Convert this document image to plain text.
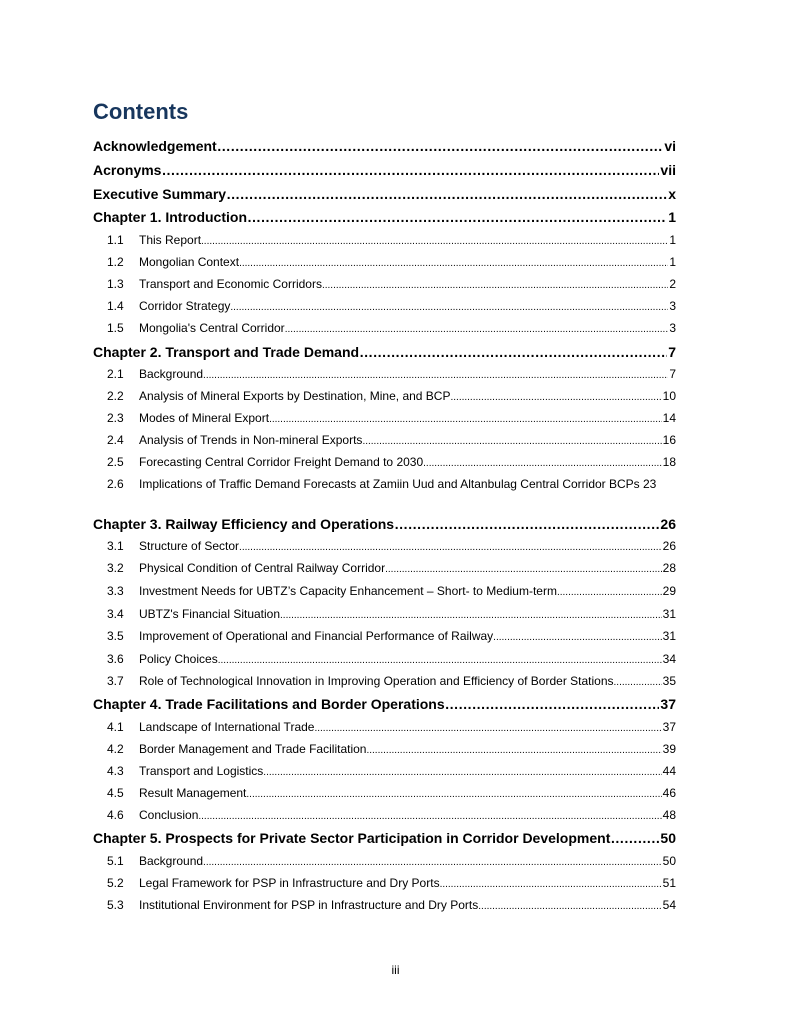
Contents
Acknowledgement ………………………………………………………………………………………………………………………………………………………………………………………………	vi
Acronyms ………………………………………………………………………………………………………………………………………………………………………………………………	vii
Executive Summary ………………………………………………………………………………………………………………………………………………………………………………………………	x
Chapter 1. Introduction ………………………………………………………………………………………………………………………………………………………………………………………………	1
1.1	This Report .....	1
1.2	Mongolian Context .....	1
1.3	Transport and Economic Corridors .....	2
1.4	Corridor Strategy .....	3
1.5	Mongolia's Central Corridor .....	3
Chapter 2. Transport and Trade Demand ………………………………………………………………………………………………………………………………………………………………………………………………	7
2.1	Background .....	7
2.2	Analysis of Mineral Exports by Destination, Mine, and BCP .....	10
2.3	Modes of Mineral Export .....	14
2.4	Analysis of Trends in Non-mineral Exports .....	16
2.5	Forecasting Central Corridor Freight Demand to 2030 .....	18
2.6	Implications of Traffic Demand Forecasts at Zamiin Uud and Altanbulag Central Corridor BCPs 23
Chapter 3. Railway Efficiency and Operations ………………………………………………………………………………………………………………………………………………………………………………………………	26
3.1	Structure of Sector .....	26
3.2	Physical Condition of Central Railway Corridor .....	28
3.3	Investment Needs for UBTZ’s Capacity Enhancement – Short- to Medium-term .....	29
3.4	UBTZ's Financial Situation .....	31
3.5	Improvement of Operational and Financial Performance of Railway .....	31
3.6	Policy Choices .....	34
3.7	Role of Technological Innovation in Improving Operation and Efficiency of Border Stations .....	35
Chapter 4. Trade Facilitations and Border Operations ………………………………………………………………………………………………………………………………………………………………………………………………	37
4.1	Landscape of International Trade .....	37
4.2	Border Management and Trade Facilitation .....	39
4.3	Transport and Logistics .....	44
4.5	Result Management .....	46
4.6	Conclusion .....	48
Chapter 5. Prospects for Private Sector Participation in Corridor Development ………………………………………………………………………………………………………………………………………………………………………………………………	50
5.1	Background .....	50
5.2	Legal Framework for PSP in Infrastructure and Dry Ports .....	51
5.3	Institutional Environment for PSP in Infrastructure and Dry Ports .....	54
iii
